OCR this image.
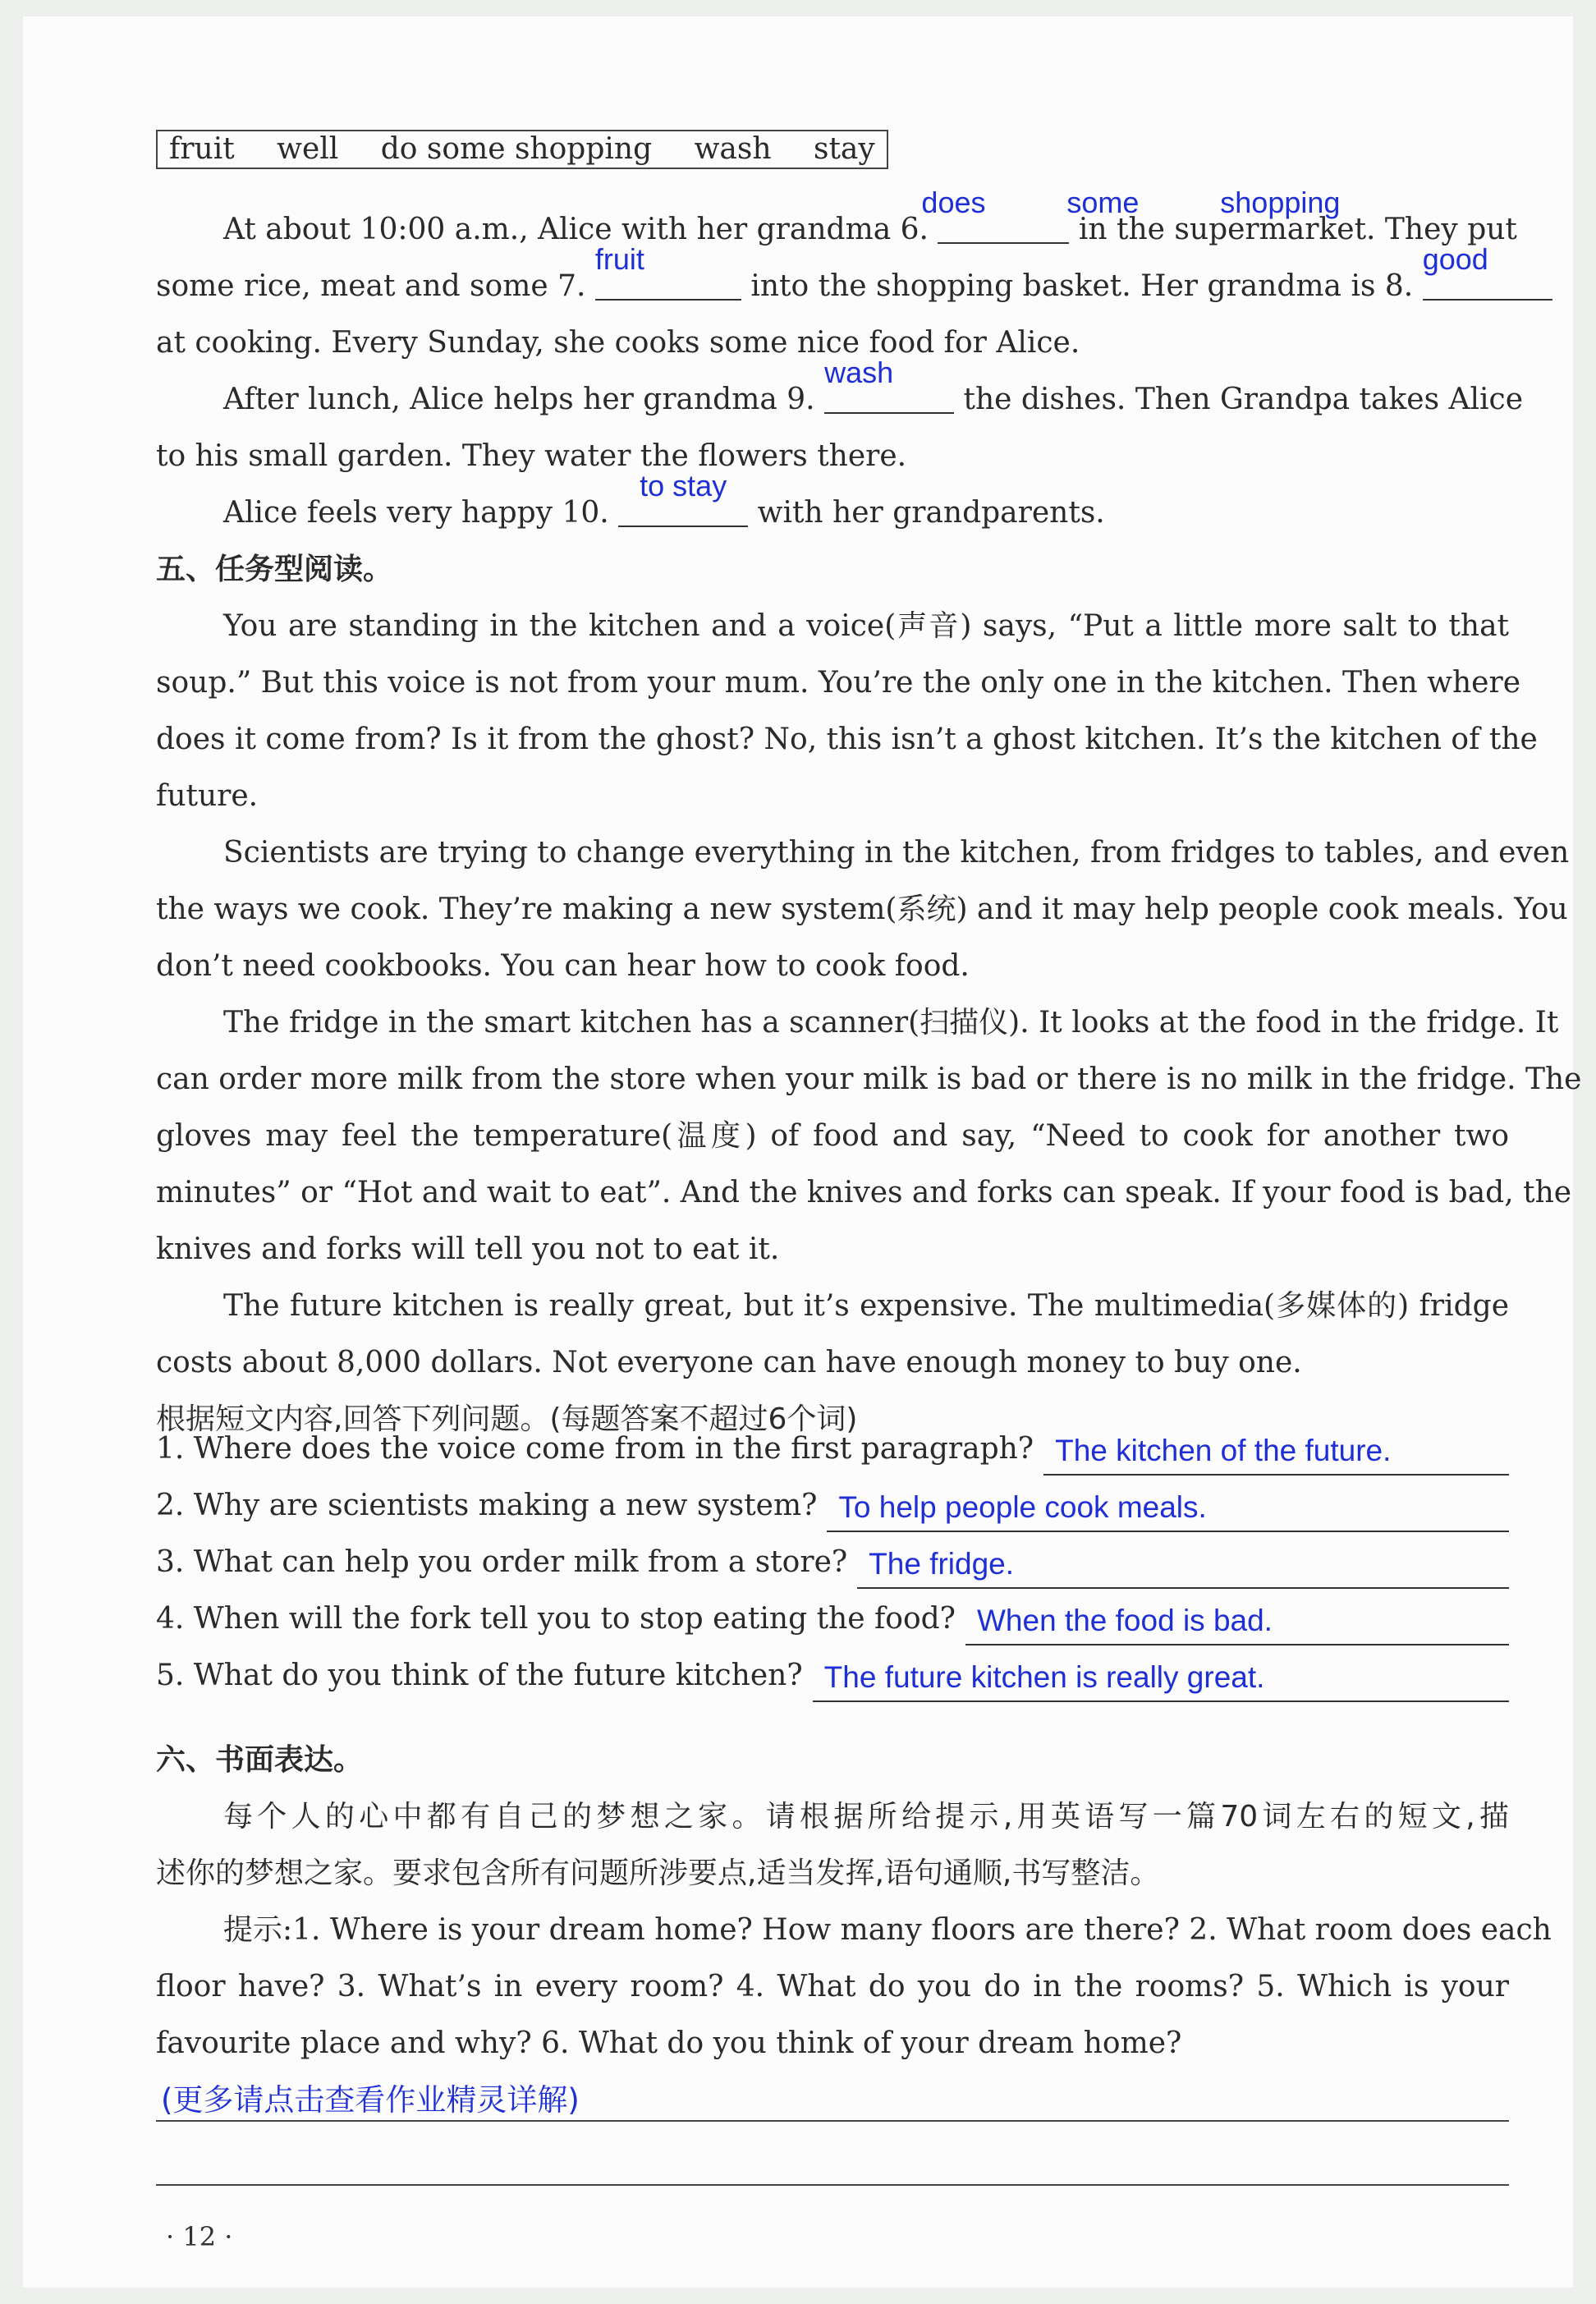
fruit well do some shopping wash stay
At about 10:00 a.m., Alice with her grandma 6.
does some shopping
in the supermarket. They put
some rice, meat and some 7.
fruit
into the shopping basket. Her grandma is 8.
good
at cooking. Every Sunday, she cooks some nice food for Alice.
After lunch, Alice helps her grandma 9.
wash
the dishes. Then Grandpa takes Alice
to his small garden. They water the flowers there.
Alice feels very happy 10.
to stay
with her grandparents.
五、任务型阅读。
You are standing in the kitchen and a voice(声音) says, “Put a little more salt to that
soup.” But this voice is not from your mum. You’re the only one in the kitchen. Then where
does it come from? Is it from the ghost? No, this isn’t a ghost kitchen. It’s the kitchen of the
future.
Scientists are trying to change everything in the kitchen, from fridges to tables, and even
the ways we cook. They’re making a new system(系统) and it may help people cook meals. You
don’t need cookbooks. You can hear how to cook food.
The fridge in the smart kitchen has a scanner(扫描仪). It looks at the food in the fridge. It
can order more milk from the store when your milk is bad or there is no milk in the fridge. The
gloves may feel the temperature(温度) of food and say, “Need to cook for another two
minutes” or “Hot and wait to eat”. And the knives and forks can speak. If your food is bad, the
knives and forks will tell you not to eat it.
The future kitchen is really great, but it’s expensive. The multimedia(多媒体的) fridge
costs about 8,000 dollars. Not everyone can have enough money to buy one.
根据短文内容,回答下列问题。(每题答案不超过6个词)
1. Where does the voice come from in the first paragraph? The kitchen of the future.
2. Why are scientists making a new system? To help people cook meals.
3. What can help you order milk from a store? The fridge.
4. When will the fork tell you to stop eating the food? When the food is bad.
5. What do you think of the future kitchen? The future kitchen is really great.
六、书面表达。
每个人的心中都有自己的梦想之家。请根据所给提示,用英语写一篇70词左右的短文,描
述你的梦想之家。要求包含所有问题所涉要点,适当发挥,语句通顺,书写整洁。
提示:1. Where is your dream home? How many floors are there? 2. What room does each
floor have? 3. What’s in every room? 4. What do you do in the rooms? 5. Which is your
favourite place and why? 6. What do you think of your dream home?
(更多请点击查看作业精灵详解)
· 12 ·
